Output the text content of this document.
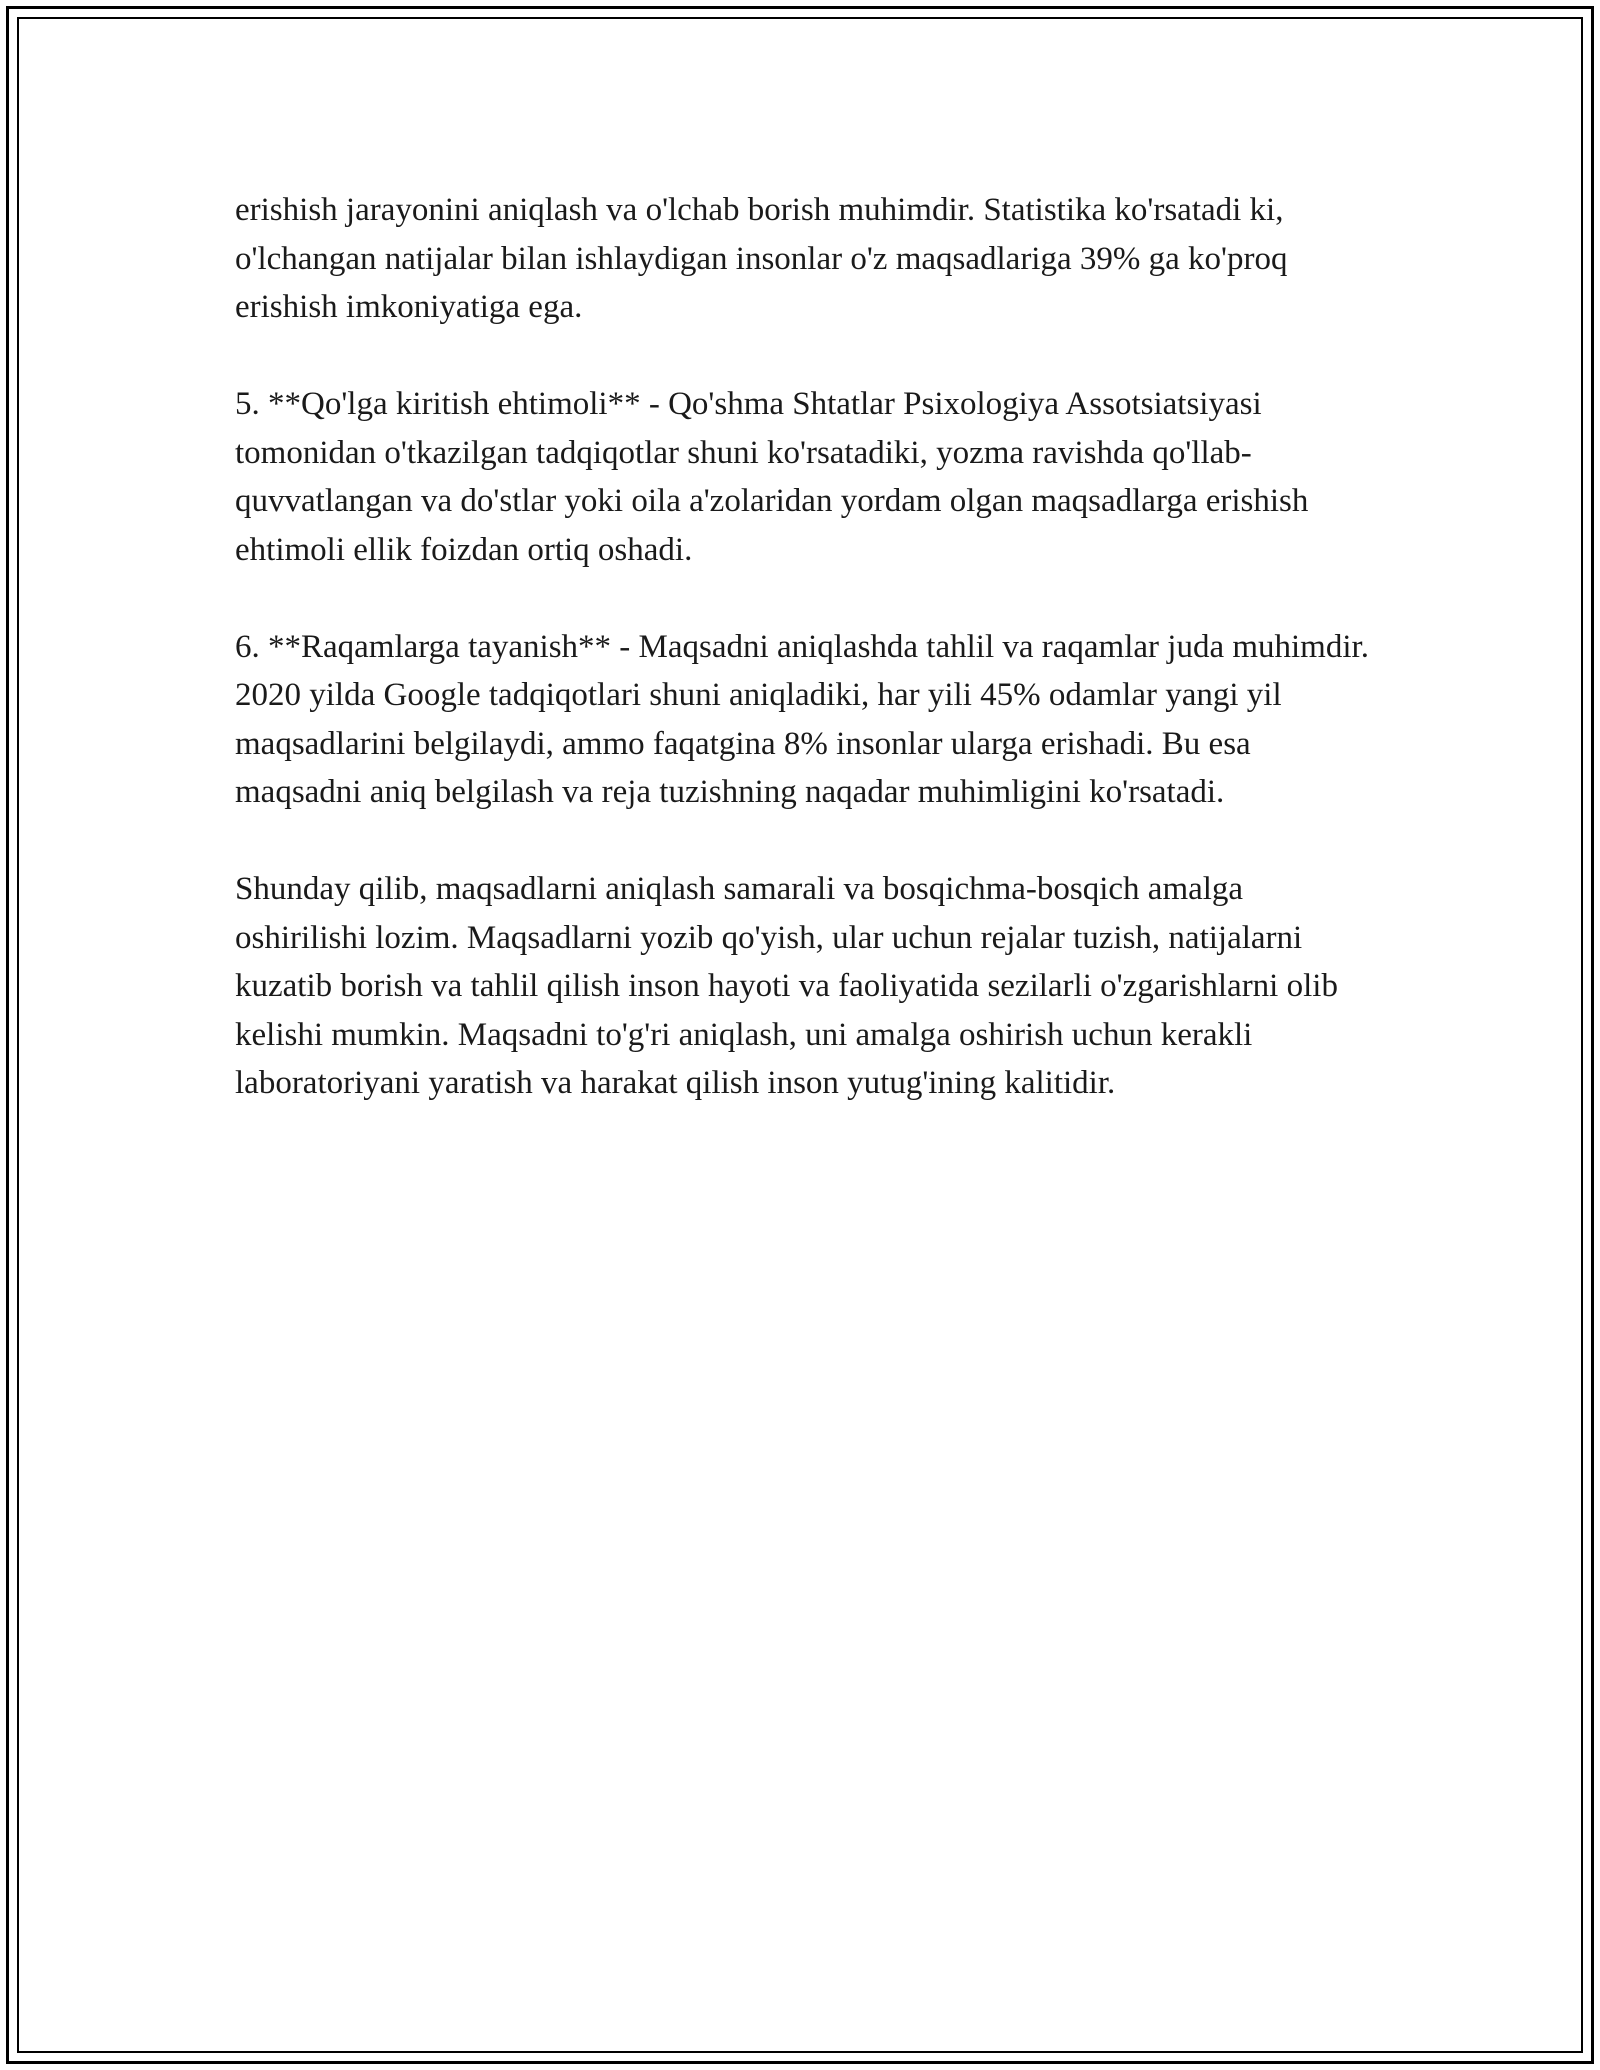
erishish jarayonini aniqlash va o'lchab borish muhimdir. Statistika ko'rsatadi ki, o'lchangan natijalar bilan ishlaydigan insonlar o'z maqsadlariga 39% ga ko'proq erishish imkoniyatiga ega.

5. **Qo'lga kiritish ehtimoli** - Qo'shma Shtatlar Psixologiya Assotsiatsiyasi tomonidan o'tkazilgan tadqiqotlar shuni ko'rsatadiki, yozma ravishda qo'llab-quvvatlangan va do'stlar yoki oila a'zolaridan yordam olgan maqsadlarga erishish ehtimoli ellik foizdan ortiq oshadi.

6. **Raqamlarga tayanish** - Maqsadni aniqlashda tahlil va raqamlar juda muhimdir. 2020 yilda Google tadqiqotlari shuni aniqladiki, har yili 45% odamlar yangi yil maqsadlarini belgilaydi, ammo faqatgina 8% insonlar ularga erishadi. Bu esa maqsadni aniq belgilash va reja tuzishning naqadar muhimligini ko'rsatadi.

Shunday qilib, maqsadlarni aniqlash samarali va bosqichma-bosqich amalga oshirilishi lozim. Maqsadlarni yozib qo'yish, ular uchun rejalar tuzish, natijalarni kuzatib borish va tahlil qilish inson hayoti va faoliyatida sezilarli o'zgarishlarni olib kelishi mumkin. Maqsadni to'g'ri aniqlash, uni amalga oshirish uchun kerakli laboratoriyani yaratish va harakat qilish inson yutug'ining kalitidir.
